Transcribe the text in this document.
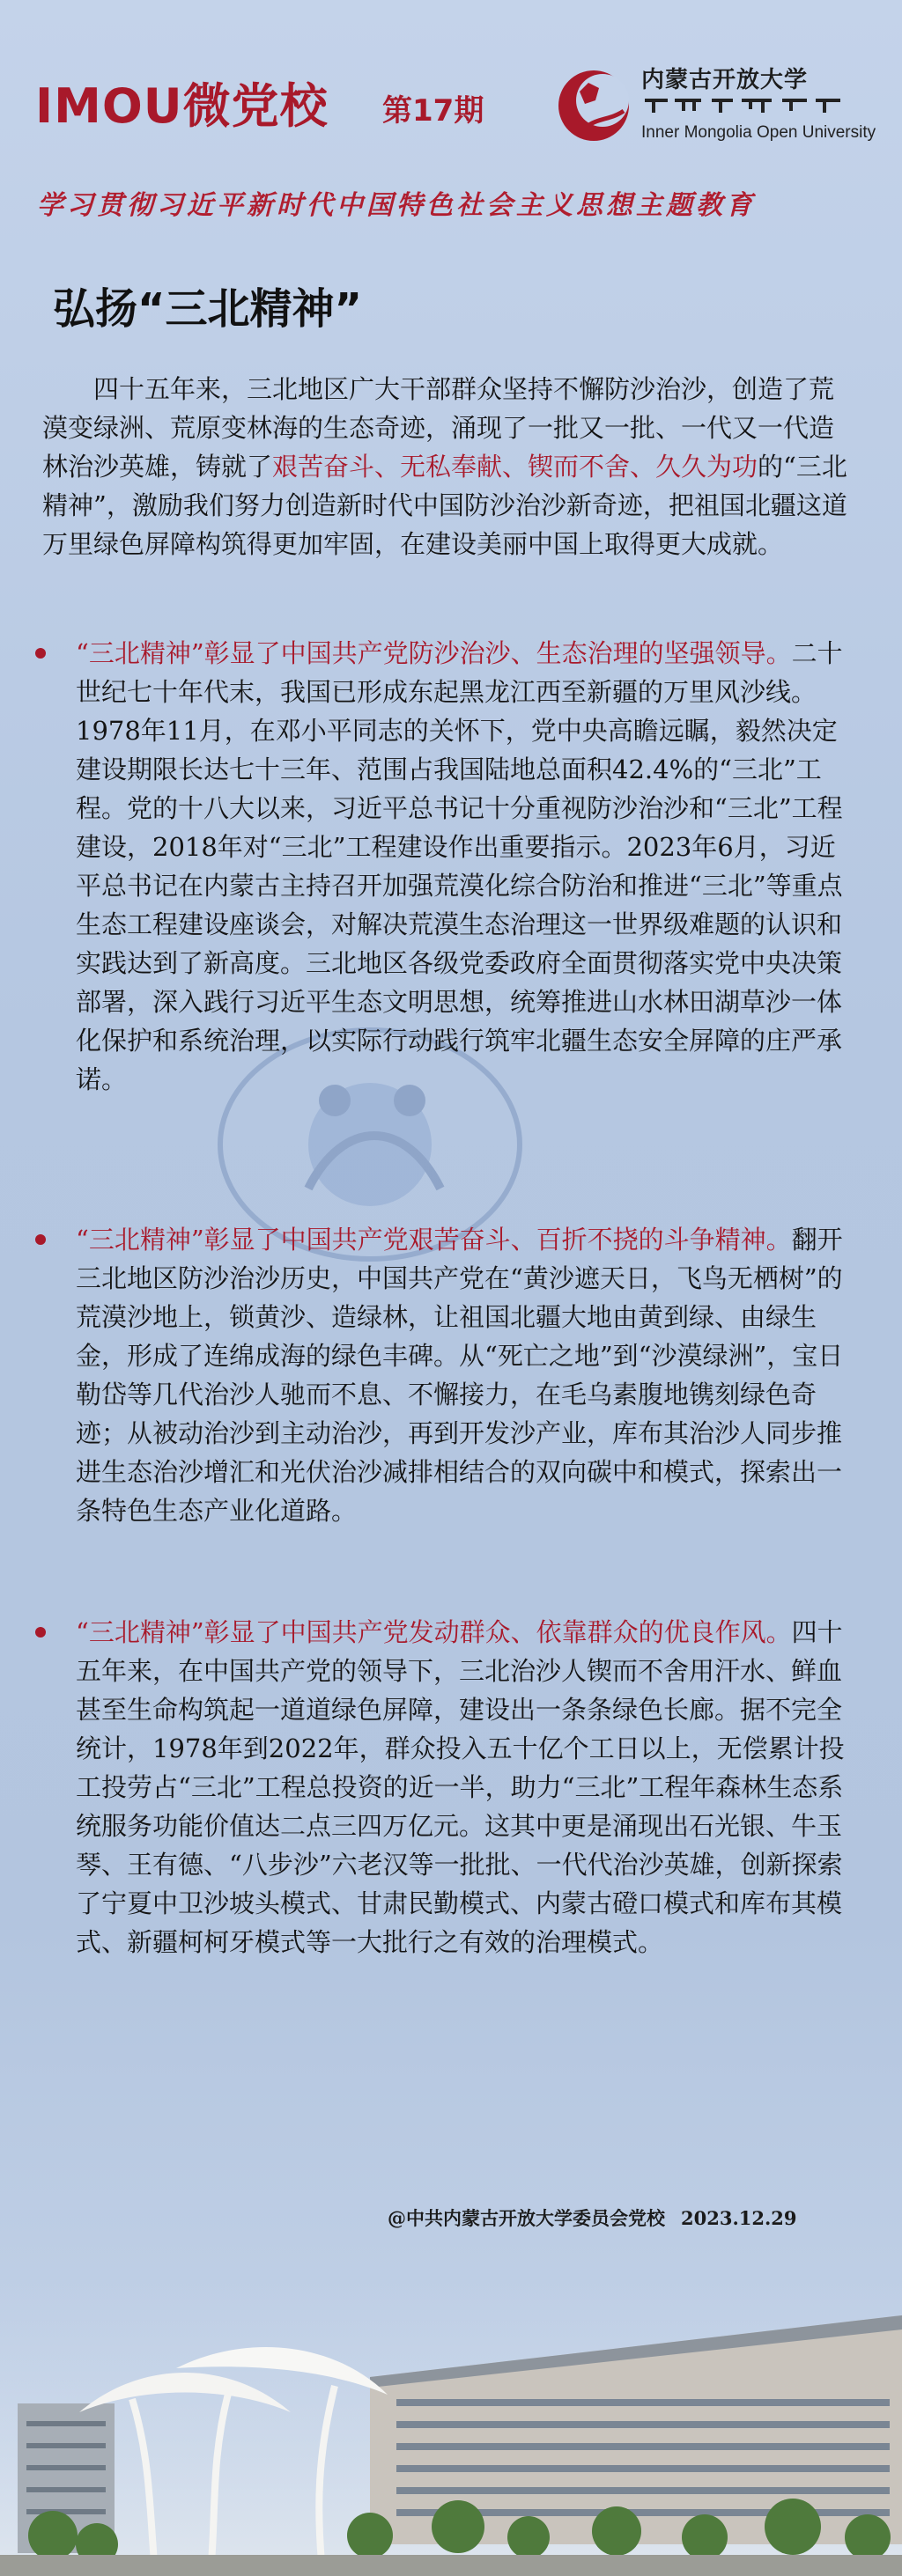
IMOU微党校 第17期
内蒙古开放大学
Inner Mongolia Open University
学习贯彻习近平新时代中国特色社会主义思想主题教育
弘扬“三北精神”
四十五年来，三北地区广大干部群众坚持不懈防沙治沙，创造了荒漠变绿洲、荒原变林海的生态奇迹，涌现了一批又一批、一代又一代造林治沙英雄，铸就了艰苦奋斗、无私奉献、锲而不舍、久久为功的“三北精神”，激励我们努力创造新时代中国防沙治沙新奇迹，把祖国北疆这道万里绿色屏障构筑得更加牢固，在建设美丽中国上取得更大成就。
“三北精神”彰显了中国共产党防沙治沙、生态治理的坚强领导。二十世纪七十年代末，我国已形成东起黑龙江西至新疆的万里风沙线。1978年11月，在邓小平同志的关怀下，党中央高瞻远瞩，毅然决定建设期限长达七十三年、范围占我国陆地总面积42.4%的“三北”工程。党的十八大以来，习近平总书记十分重视防沙治沙和“三北”工程建设，2018年对“三北”工程建设作出重要指示。2023年6月，习近平总书记在内蒙古主持召开加强荒漠化综合防治和推进“三北”等重点生态工程建设座谈会，对解决荒漠生态治理这一世界级难题的认识和实践达到了新高度。三北地区各级党委政府全面贯彻落实党中央决策部署，深入践行习近平生态文明思想，统筹推进山水林田湖草沙一体化保护和系统治理，以实际行动践行筑牢北疆生态安全屏障的庄严承诺。
“三北精神”彰显了中国共产党艰苦奋斗、百折不挠的斗争精神。翻开三北地区防沙治沙历史，中国共产党在“黄沙遮天日，飞鸟无栖树”的荒漠沙地上，锁黄沙、造绿林，让祖国北疆大地由黄到绿、由绿生金，形成了连绵成海的绿色丰碑。从“死亡之地”到“沙漠绿洲”，宝日勒岱等几代治沙人驰而不息、不懈接力，在毛乌素腹地镌刻绿色奇迹；从被动治沙到主动治沙，再到开发沙产业，库布其治沙人同步推进生态治沙增汇和光伏治沙减排相结合的双向碳中和模式，探索出一条特色生态产业化道路。
“三北精神”彰显了中国共产党发动群众、依靠群众的优良作风。四十五年来，在中国共产党的领导下，三北治沙人锲而不舍用汗水、鲜血甚至生命构筑起一道道绿色屏障，建设出一条条绿色长廊。据不完全统计，1978年到2022年，群众投入五十亿个工日以上，无偿累计投工投劳占“三北”工程总投资的近一半，助力“三北”工程年森林生态系统服务功能价值达二点三四万亿元。这其中更是涌现出石光银、牛玉琴、王有德、“八步沙”六老汉等一批批、一代代治沙英雄，创新探索了宁夏中卫沙坡头模式、甘肃民勤模式、内蒙古磴口模式和库布其模式、新疆柯柯牙模式等一大批行之有效的治理模式。
@中共内蒙古开放大学委员会党校 2023.12.29
